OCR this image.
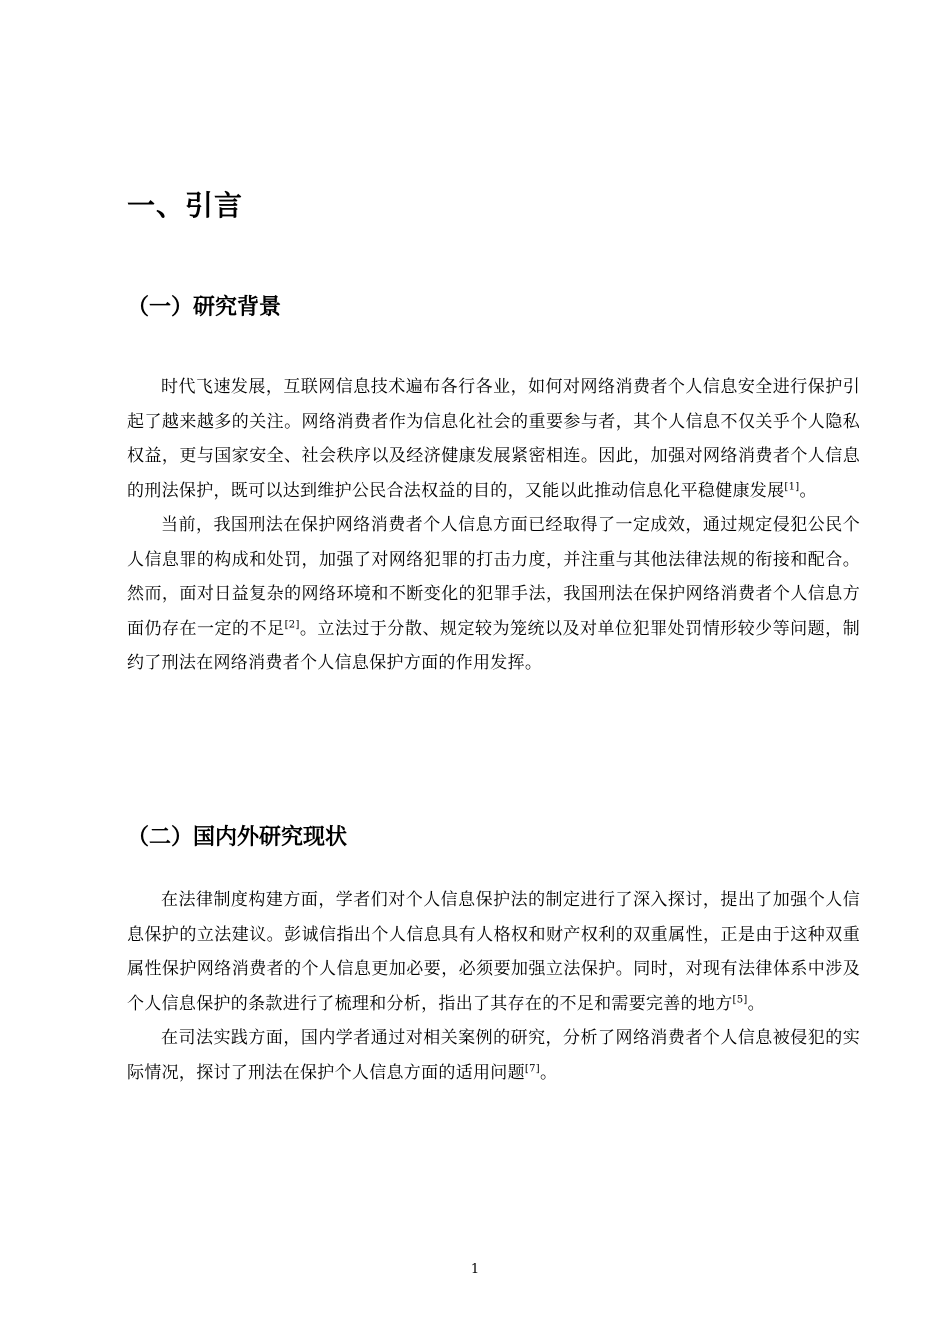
一、引言
（一）研究背景

时代飞速发展，互联网信息技术遍布各行各业，如何对网络消费者个人信息安全进行保护引起了越来越多的关注。网络消费者作为信息化社会的重要参与者，其个人信息不仅关乎个人隐私权益，更与国家安全、社会秩序以及经济健康发展紧密相连。因此，加强对网络消费者个人信息的刑法保护，既可以达到维护公民合法权益的目的，又能以此推动信息化平稳健康发展[1]。

当前，我国刑法在保护网络消费者个人信息方面已经取得了一定成效，通过规定侵犯公民个人信息罪的构成和处罚，加强了对网络犯罪的打击力度，并注重与其他法律法规的衔接和配合。然而，面对日益复杂的网络环境和不断变化的犯罪手法，我国刑法在保护网络消费者个人信息方面仍存在一定的不足[2]。立法过于分散、规定较为笼统以及对单位犯罪处罚情形较少等问题，制约了刑法在网络消费者个人信息保护方面的作用发挥。

（二）国内外研究现状

在法律制度构建方面，学者们对个人信息保护法的制定进行了深入探讨，提出了加强个人信息保护的立法建议。彭诚信指出个人信息具有人格权和财产权利的双重属性，正是由于这种双重属性保护网络消费者的个人信息更加必要，必须要加强立法保护。同时，对现有法律体系中涉及个人信息保护的条款进行了梳理和分析，指出了其存在的不足和需要完善的地方[5]。

在司法实践方面，国内学者通过对相关案例的研究，分析了网络消费者个人信息被侵犯的实际情况，探讨了刑法在保护个人信息方面的适用问题[7]。

1
